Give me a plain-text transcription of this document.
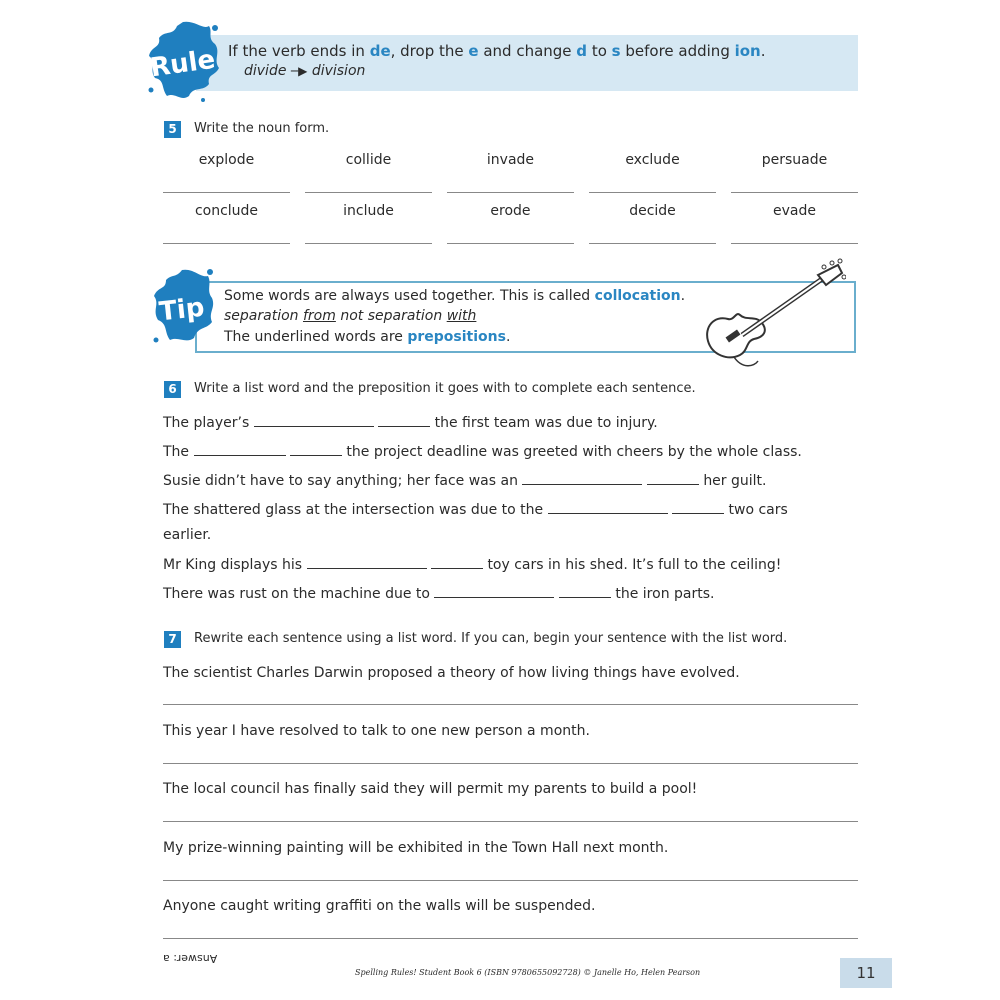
Rule If the verb ends in de, drop the e and change d to s before adding ion.
divide ─▶ division
5	Write the noun form.
explode	collide	invade	exclude	persuade
conclude	include	erode	decide	evade
Tip Some words are always used together. This is called collocation.
separation from not separation with
The underlined words are prepositions.
6	Write a list word and the preposition it goes with to complete each sentence.
The player’s	the first team was due to injury.
The	the project deadline was greeted with cheers by the whole class.
Susie didn’t have to say anything; her face was an	her guilt.
The shattered glass at the intersection was due to the	two cars
earlier.
Mr King displays his	toy cars in his shed. It’s full to the ceiling!
There was rust on the machine due to	the iron parts.
7	Rewrite each sentence using a list word. If you can, begin your sentence with the list word.
The scientist Charles Darwin proposed a theory of how living things have evolved.
This year I have resolved to talk to one new person a month.
The local council has finally said they will permit my parents to build a pool!
My prize-winning painting will be exhibited in the Town Hall next month.
Anyone caught writing graffiti on the walls will be suspended.
Answer: a
Spelling Rules! Student Book 6 (ISBN 9780655092728) © Janelle Ho, Helen Pearson	11
